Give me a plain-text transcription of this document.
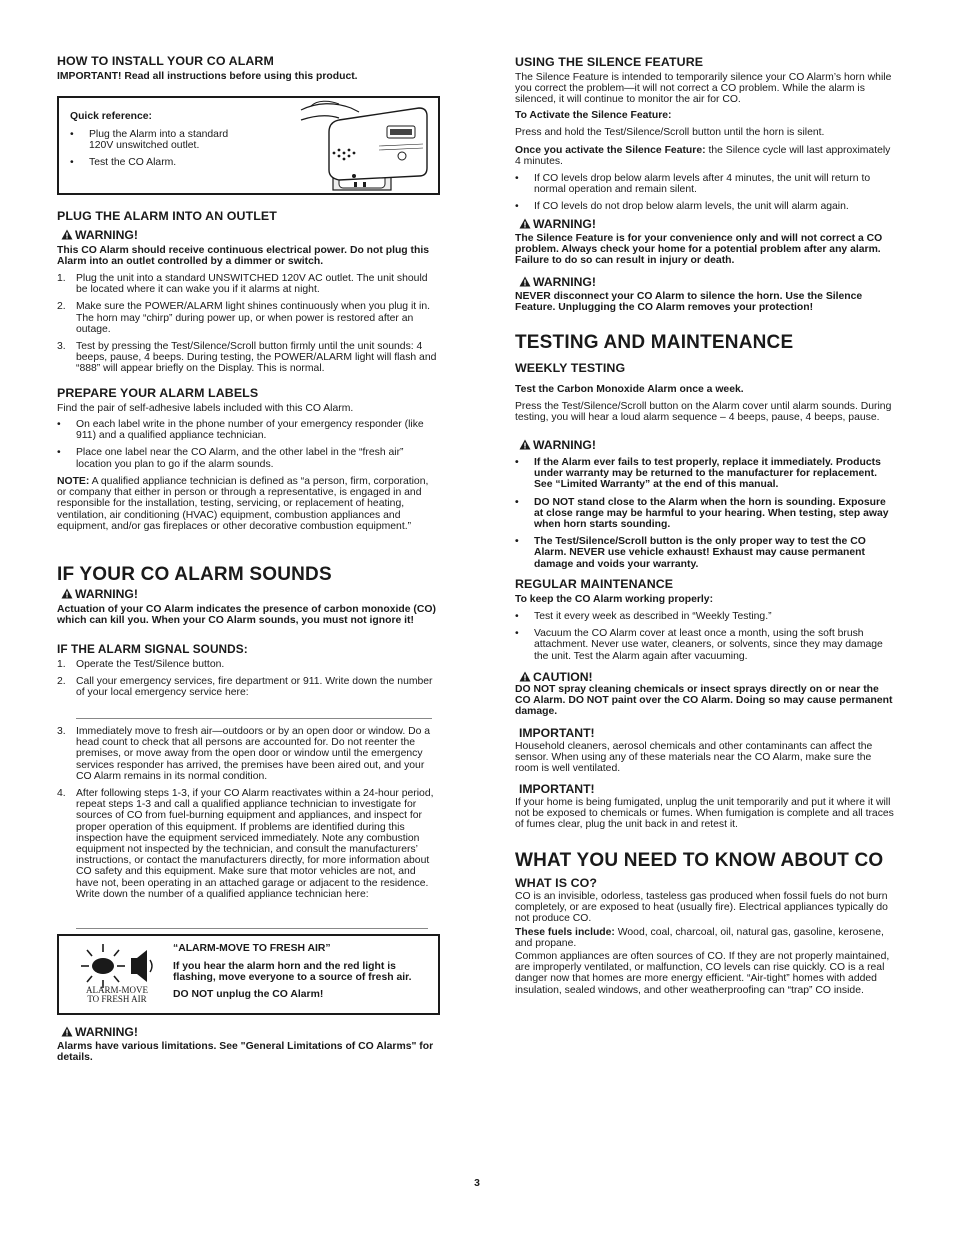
HOW TO INSTALL YOUR CO ALARM
IMPORTANT! Read all instructions before using this product.
Quick reference:
• Plug the Alarm into a standard 120V unswitched outlet.
• Test the CO Alarm.
PLUG THE ALARM INTO AN OUTLET
WARNING!
This CO Alarm should receive continuous electrical power. Do not plug this Alarm into an outlet controlled by a dimmer or switch.
1. Plug the unit into a standard UNSWITCHED 120V AC outlet. The unit should be located where it can wake you if it alarms at night.
2. Make sure the POWER/ALARM light shines continuously when you plug it in. The horn may “chirp” during power up, or when power is restored after an outage.
3. Test by pressing the Test/Silence/Scroll button firmly until the unit sounds: 4 beeps, pause, 4 beeps. During testing, the POWER/ALARM light will flash and “888” will appear briefly on the Display. This is normal.
PREPARE YOUR ALARM LABELS
Find the pair of self-adhesive labels included with this CO Alarm.
• On each label write in the phone number of your emergency responder (like 911) and a qualified appliance technician.
• Place one label near the CO Alarm, and the other label in the “fresh air” location you plan to go if the alarm sounds.
NOTE: A qualified appliance technician is defined as “a person, firm, corporation, or company that either in person or through a representative, is engaged in and responsible for the installation, testing, servicing, or replacement of heating, ventilation, air conditioning (HVAC) equipment, combustion appliances and equipment, and/or gas fireplaces or other decorative combustion equipment.”
IF YOUR CO ALARM SOUNDS
WARNING!
Actuation of your CO Alarm indicates the presence of carbon monoxide (CO) which can kill you. When your CO Alarm sounds, you must not ignore it!
IF THE ALARM SIGNAL SOUNDS:
1. Operate the Test/Silence button.
2. Call your emergency services, fire department or 911. Write down the number of your local emergency service here:
3. Immediately move to fresh air—outdoors or by an open door or window. Do a head count to check that all persons are accounted for. Do not reenter the premises, or move away from the open door or window until the emergency services responder has arrived, the premises have been aired out, and your CO Alarm remains in its normal condition.
4. After following steps 1-3, if your CO Alarm reactivates within a 24-hour period, repeat steps 1-3 and call a qualified appliance technician to investigate for sources of CO from fuel-burning equipment and appliances, and inspect for proper operation of this equipment. If problems are identified during this inspection have the equipment serviced immediately. Note any combustion equipment not inspected by the technician, and consult the manufacturers’ instructions, or contact the manufacturers directly, for more information about CO safety and this equipment. Make sure that motor vehicles are not, and have not, been operating in an attached garage or adjacent to the residence. Write down the number of a qualified appliance technician here:
ALARM-MOVE
TO FRESH AIR
“ALARM-MOVE TO FRESH AIR”
If you hear the alarm horn and the red light is flashing, move everyone to a source of fresh air.
DO NOT unplug the CO Alarm!
WARNING!
Alarms have various limitations. See "General Limitations of CO Alarms" for details.
USING THE SILENCE FEATURE
The Silence Feature is intended to temporarily silence your CO Alarm’s horn while you correct the problem—it will not correct a CO problem. While the alarm is silenced, it will continue to monitor the air for CO.
To Activate the Silence Feature:
Press and hold the Test/Silence/Scroll button until the horn is silent.
Once you activate the Silence Feature: the Silence cycle will last approximately 4 minutes.
• If CO levels drop below alarm levels after 4 minutes, the unit will return to normal operation and remain silent.
• If CO levels do not drop below alarm levels, the unit will alarm again.
WARNING!
The Silence Feature is for your convenience only and will not correct a CO problem. Always check your home for a potential problem after any alarm. Failure to do so can result in injury or death.
WARNING!
NEVER disconnect your CO Alarm to silence the horn. Use the Silence Feature. Unplugging the CO Alarm removes your protection!
TESTING AND MAINTENANCE
WEEKLY TESTING
Test the Carbon Monoxide Alarm once a week.
Press the Test/Silence/Scroll button on the Alarm cover until alarm sounds. During testing, you will hear a loud alarm sequence – 4 beeps, pause, 4 beeps, pause.
WARNING!
• If the Alarm ever fails to test properly, replace it immediately. Products under warranty may be returned to the manufacturer for replacement. See “Limited Warranty” at the end of this manual.
• DO NOT stand close to the Alarm when the horn is sounding. Exposure at close range may be harmful to your hearing. When testing, step away when horn starts sounding.
• The Test/Silence/Scroll button is the only proper way to test the CO Alarm. NEVER use vehicle exhaust! Exhaust may cause permanent damage and voids your warranty.
REGULAR MAINTENANCE
To keep the CO Alarm working properly:
• Test it every week as described in “Weekly Testing.”
• Vacuum the CO Alarm cover at least once a month, using the soft brush attachment. Never use water, cleaners, or solvents, since they may damage the unit. Test the Alarm again after vacuuming.
CAUTION!
DO NOT spray cleaning chemicals or insect sprays directly on or near the CO Alarm. DO NOT paint over the CO Alarm. Doing so may cause permanent damage.
IMPORTANT!
Household cleaners, aerosol chemicals and other contaminants can affect the sensor. When using any of these materials near the CO Alarm, make sure the room is well ventilated.
IMPORTANT!
If your home is being fumigated, unplug the unit temporarily and put it where it will not be exposed to chemicals or fumes. When fumigation is complete and all traces of fumes clear, plug the unit back in and retest it.
WHAT YOU NEED TO KNOW ABOUT CO
WHAT IS CO?
CO is an invisible, odorless, tasteless gas produced when fossil fuels do not burn completely, or are exposed to heat (usually fire). Electrical appliances typically do not produce CO.
These fuels include: Wood, coal, charcoal, oil, natural gas, gasoline, kerosene, and propane.
Common appliances are often sources of CO. If they are not properly maintained, are improperly ventilated, or malfunction, CO levels can rise quickly. CO is a real danger now that homes are more energy efficient. “Air-tight” homes with added insulation, sealed windows, and other weatherproofing can “trap” CO inside.
3
